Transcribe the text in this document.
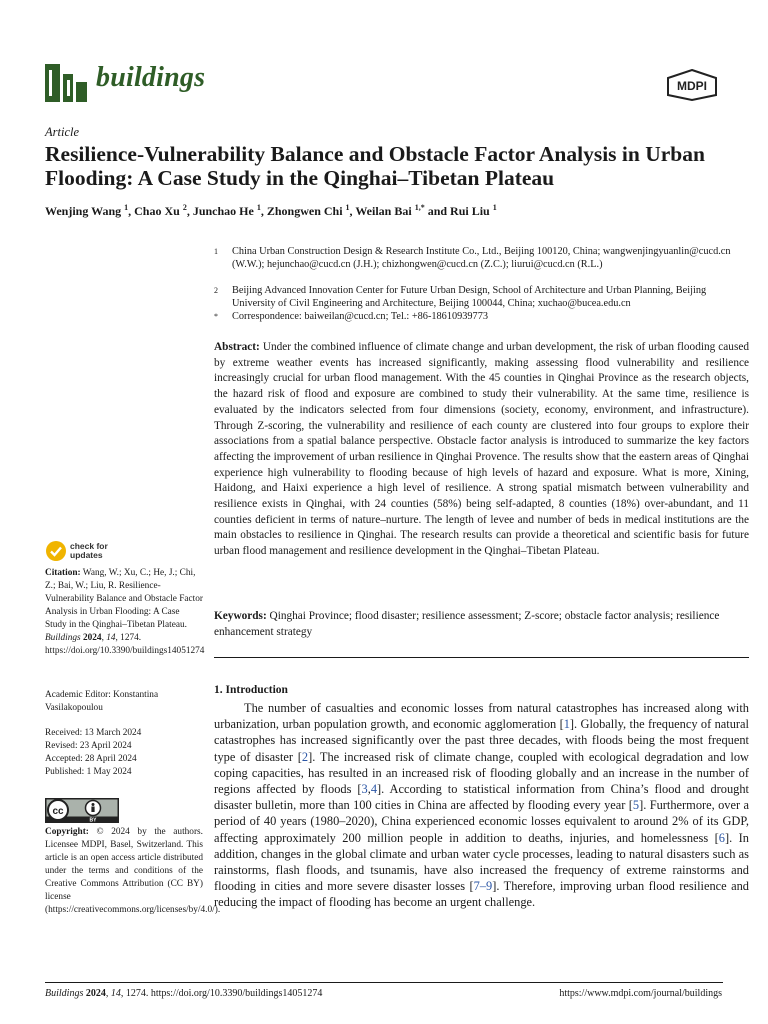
buildings	MDPI
Article
Resilience-Vulnerability Balance and Obstacle Factor Analysis in Urban Flooding: A Case Study in the Qinghai–Tibetan Plateau
Wenjing Wang $^1$, Chao Xu $^2$, Junchao He $^1$, Zhongwen Chi $^1$, Weilan Bai $^{1,*}$ and Rui Liu $^1$
1 China Urban Construction Design & Research Institute Co., Ltd., Beijing 100120, China; wangwenjingyuanlin@cucd.cn (W.W.); hejunchao@cucd.cn (J.H.); chizhongwen@cucd.cn (Z.C.); liurui@cucd.cn (R.L.)
2 Beijing Advanced Innovation Center for Future Urban Design, School of Architecture and Urban Planning, Beijing University of Civil Engineering and Architecture, Beijing 100044, China; xuchao@bucea.edu.cn
* Correspondence: baiweilan@cucd.cn; Tel.: +86-18610939773
Abstract: Under the combined influence of climate change and urban development, the risk of urban flooding caused by extreme weather events has increased significantly, making assessing flood vulnerability and resilience increasingly crucial for urban flood management. With the 45 counties in Qinghai Province as the research objects, the hazard risk of flood and exposure are combined to study their vulnerability. At the same time, resilience is evaluated by the indicators selected from four dimensions (society, economy, environment, and infrastructure). Through Z-scoring, the vulnerability and resilience of each county are clustered into four groups to explore their associations from a spatial balance perspective. Obstacle factor analysis is introduced to summarize the key factors affecting the improvement of urban resilience in Qinghai Provence. The results show that the eastern areas of Qinghai experience high vulnerability to flooding because of high levels of hazard and exposure. What is more, Xining, Haidong, and Haixi experience a high level of resilience. A strong spatial mismatch between vulnerability and resilience exists in Qinghai, with 24 counties (58%) being self-adapted, 8 counties (18%) over-abundant, and 11 counties deficient in terms of nature–nurture. The length of levee and number of beds in medical institutions are the main obstacles to resilience in Qinghai. The research results can provide a theoretical and scientific basis for future urban flood management and resilience development in the Qinghai–Tibetan Plateau.
Keywords: Qinghai Province; flood disaster; resilience assessment; Z-score; obstacle factor analysis; resilience enhancement strategy
1. Introduction
The number of casualties and economic losses from natural catastrophes has increased along with urbanization, urban population growth, and economic agglomeration [1]. Globally, the frequency of natural catastrophes has increased significantly over the past three decades, with floods being the most frequent type of disaster [2]. The increased risk of climate change, coupled with ecological degradation and low coping capacities, has resulted in an increased risk of flooding globally and an increase in the number of regions affected by floods [3,4]. According to statistical information from China’s flood and drought disaster bulletin, more than 100 cities in China are affected by flooding every year [5]. Furthermore, over a period of 40 years (1980–2020), China experienced economic losses equivalent to around 2% of its GDP, affecting approximately 200 million people in addition to deaths, injuries, and homelessness [6]. In addition, changes in the global climate and urban water cycle processes, leading to natural disasters such as rainstorms, flash floods, and tsunamis, have also increased the frequency of extreme rainstorms and flooding in cities and more severe disaster losses [7–9]. Therefore, improving urban flood resilience and reducing the impact of flooding has become an urgent challenge.
check for
updates
Citation: Wang, W.; Xu, C.; He, J.; Chi, Z.; Bai, W.; Liu, R. Resilience-Vulnerability Balance and Obstacle Factor Analysis in Urban Flooding: A Case Study in the Qinghai–Tibetan Plateau. Buildings 2024, 14, 1274. https://doi.org/10.3390/buildings14051274
Academic Editor: Konstantina Vasilakopoulou
Received: 13 March 2024
Revised: 23 April 2024
Accepted: 28 April 2024
Published: 1 May 2024
cc
BY
Copyright: © 2024 by the authors. Licensee MDPI, Basel, Switzerland. This article is an open access article distributed under the terms and conditions of the Creative Commons Attribution (CC BY) license (https://creativecommons.org/licenses/by/4.0/).
Buildings 2024, 14, 1274. https://doi.org/10.3390/buildings14051274	https://www.mdpi.com/journal/buildings
